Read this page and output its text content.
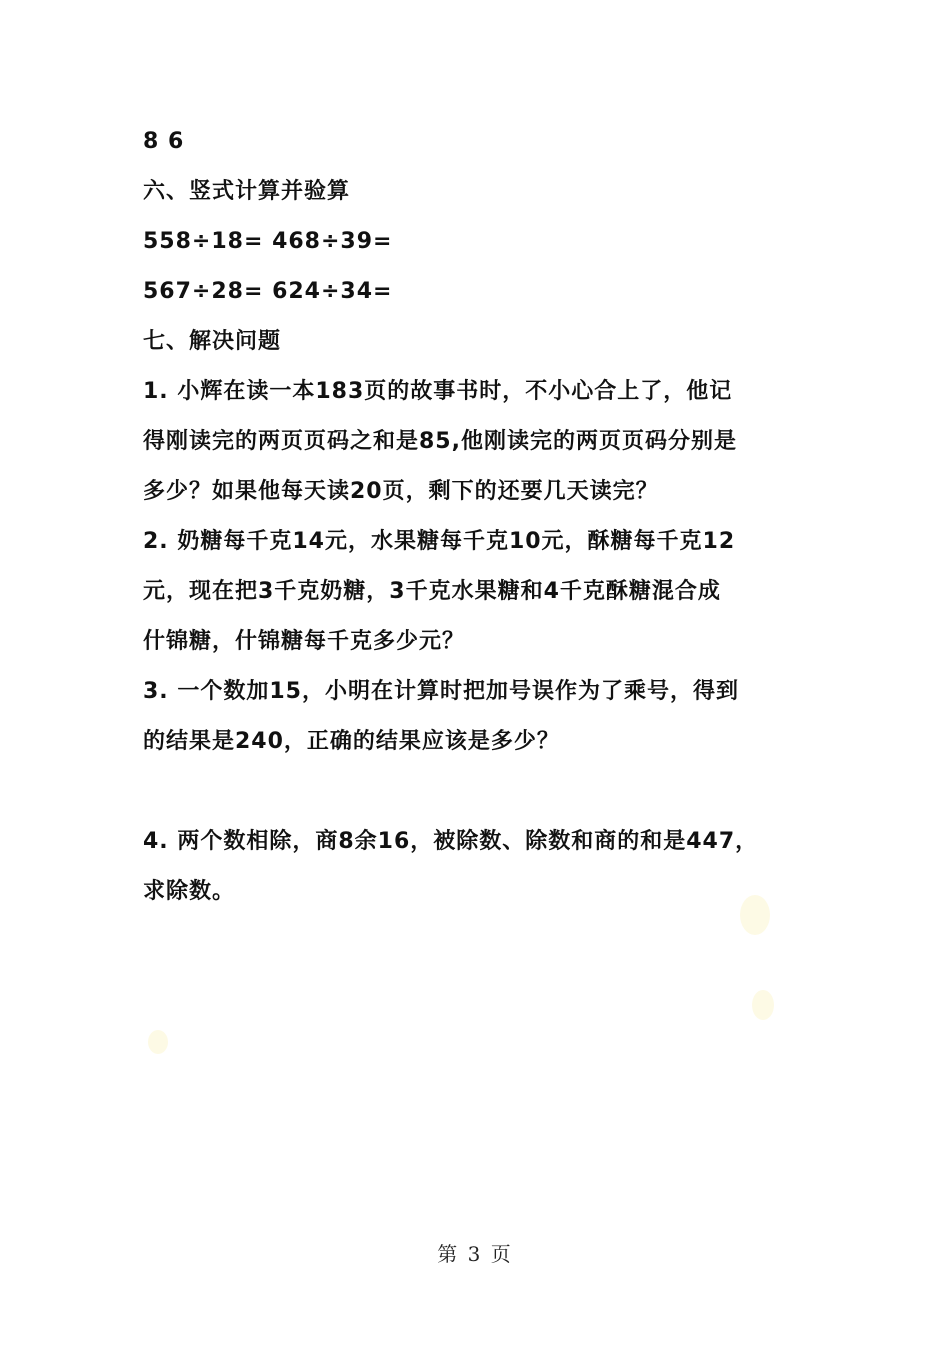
8 6
六、竖式计算并验算
558÷18= 468÷39=
567÷28= 624÷34=
七、解决问题
1. 小辉在读一本183页的故事书时，不小心合上了，他记
得刚读完的两页页码之和是85,他刚读完的两页页码分别是
多少？如果他每天读20页，剩下的还要几天读完？
2. 奶糖每千克14元，水果糖每千克10元，酥糖每千克12
元，现在把3千克奶糖，3千克水果糖和4千克酥糖混合成
什锦糖，什锦糖每千克多少元？
3. 一个数加15，小明在计算时把加号误作为了乘号，得到
的结果是240，正确的结果应该是多少？
4. 两个数相除，商8余16，被除数、除数和商的和是447，
求除数。
第 3 页
